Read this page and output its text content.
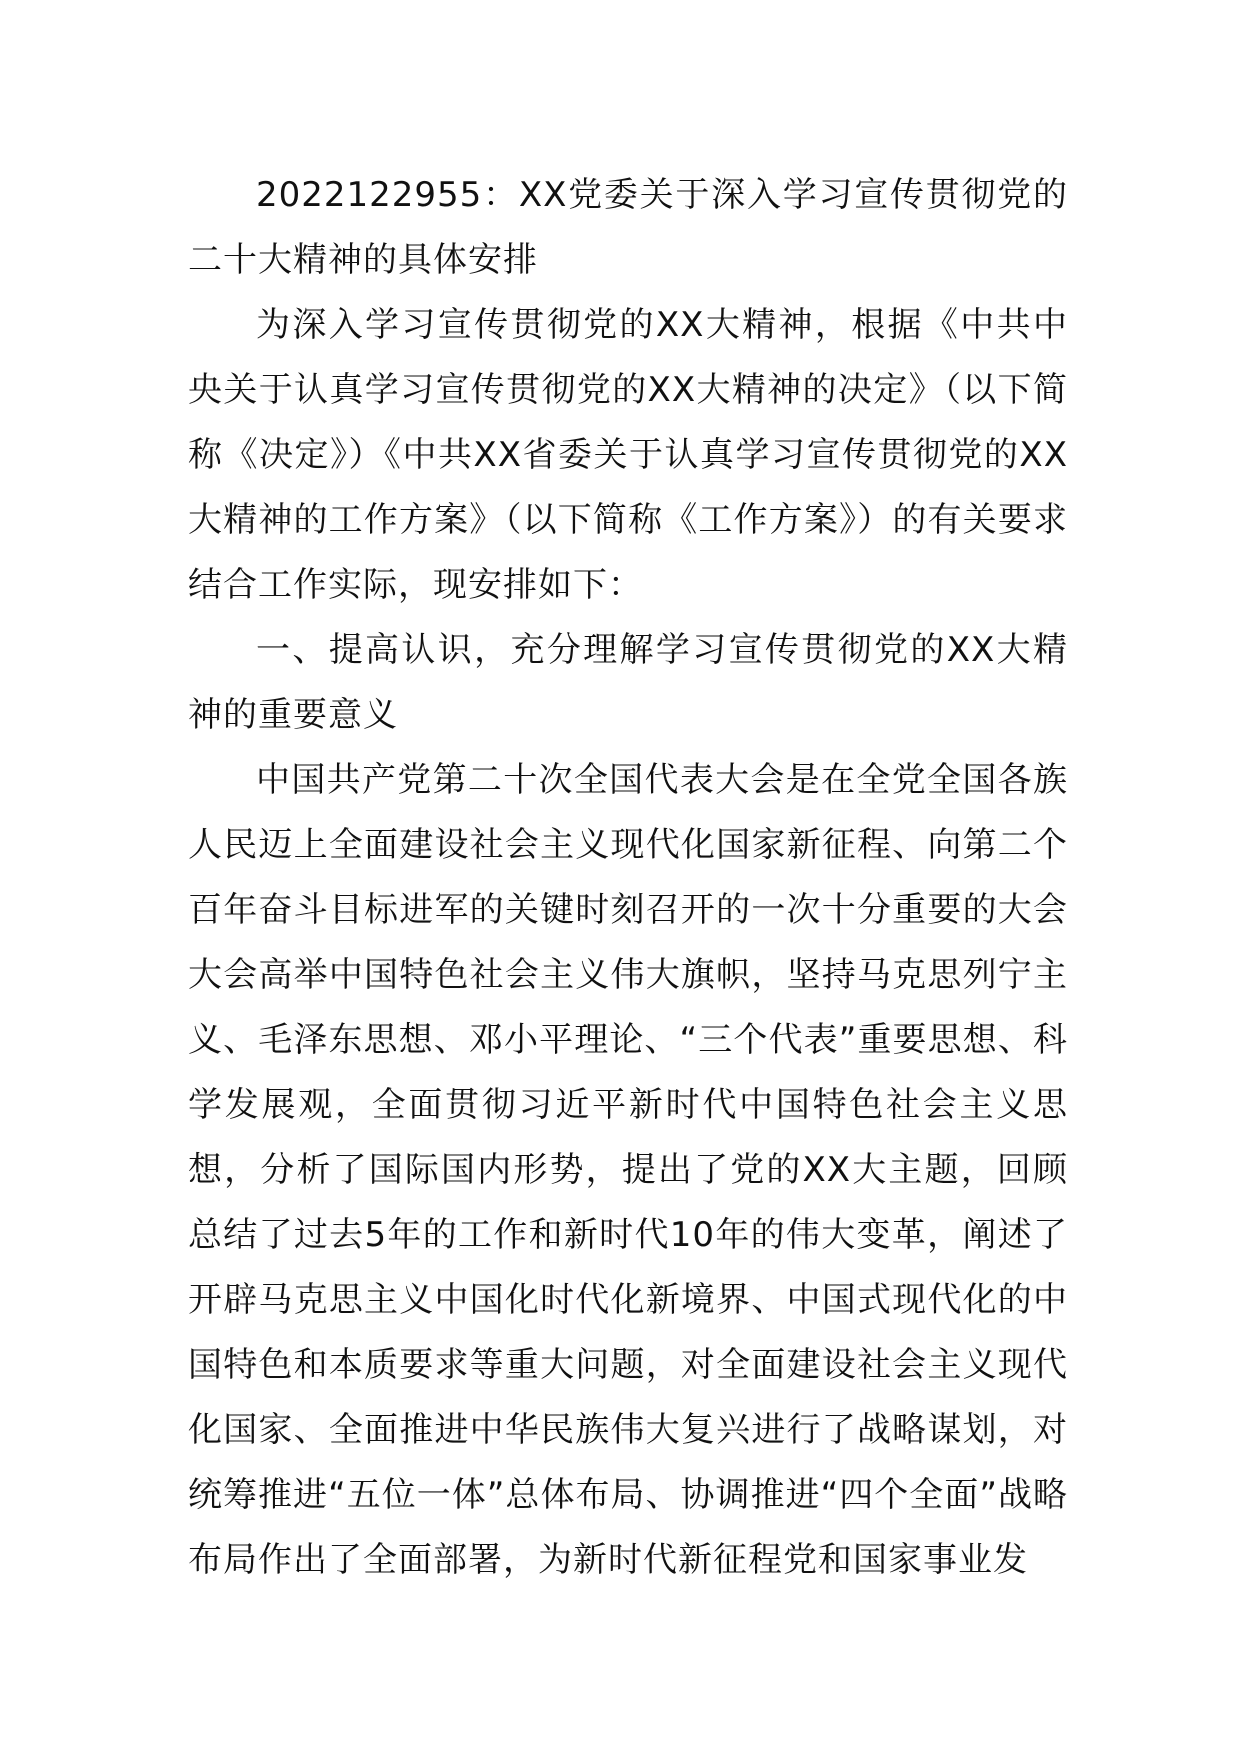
2022122955：XX党委关于深入学习宣传贯彻党的二十大精神的具体安排

为深入学习宣传贯彻党的XX大精神，根据《中共中央关于认真学习宣传贯彻党的XX大精神的决定》（以下简称《决定》）《中共XX省委关于认真学习宣传贯彻党的XX大精神的工作方案》（以下简称《工作方案》）的有关要求结合工作实际，现安排如下：

一、提高认识，充分理解学习宣传贯彻党的XX大精神的重要意义

中国共产党第二十次全国代表大会是在全党全国各族人民迈上全面建设社会主义现代化国家新征程、向第二个百年奋斗目标进军的关键时刻召开的一次十分重要的大会大会高举中国特色社会主义伟大旗帜，坚持马克思列宁主义、毛泽东思想、邓小平理论、“三个代表”重要思想、科学发展观，全面贯彻习近平新时代中国特色社会主义思想，分析了国际国内形势，提出了党的XX大主题，回顾总结了过去5年的工作和新时代10年的伟大变革，阐述了开辟马克思主义中国化时代化新境界、中国式现代化的中国特色和本质要求等重大问题，对全面建设社会主义现代化国家、全面推进中华民族伟大复兴进行了战略谋划，对统筹推进“五位一体”总体布局、协调推进“四个全面”战略布局作出了全面部署，为新时代新征程党和国家事业发
